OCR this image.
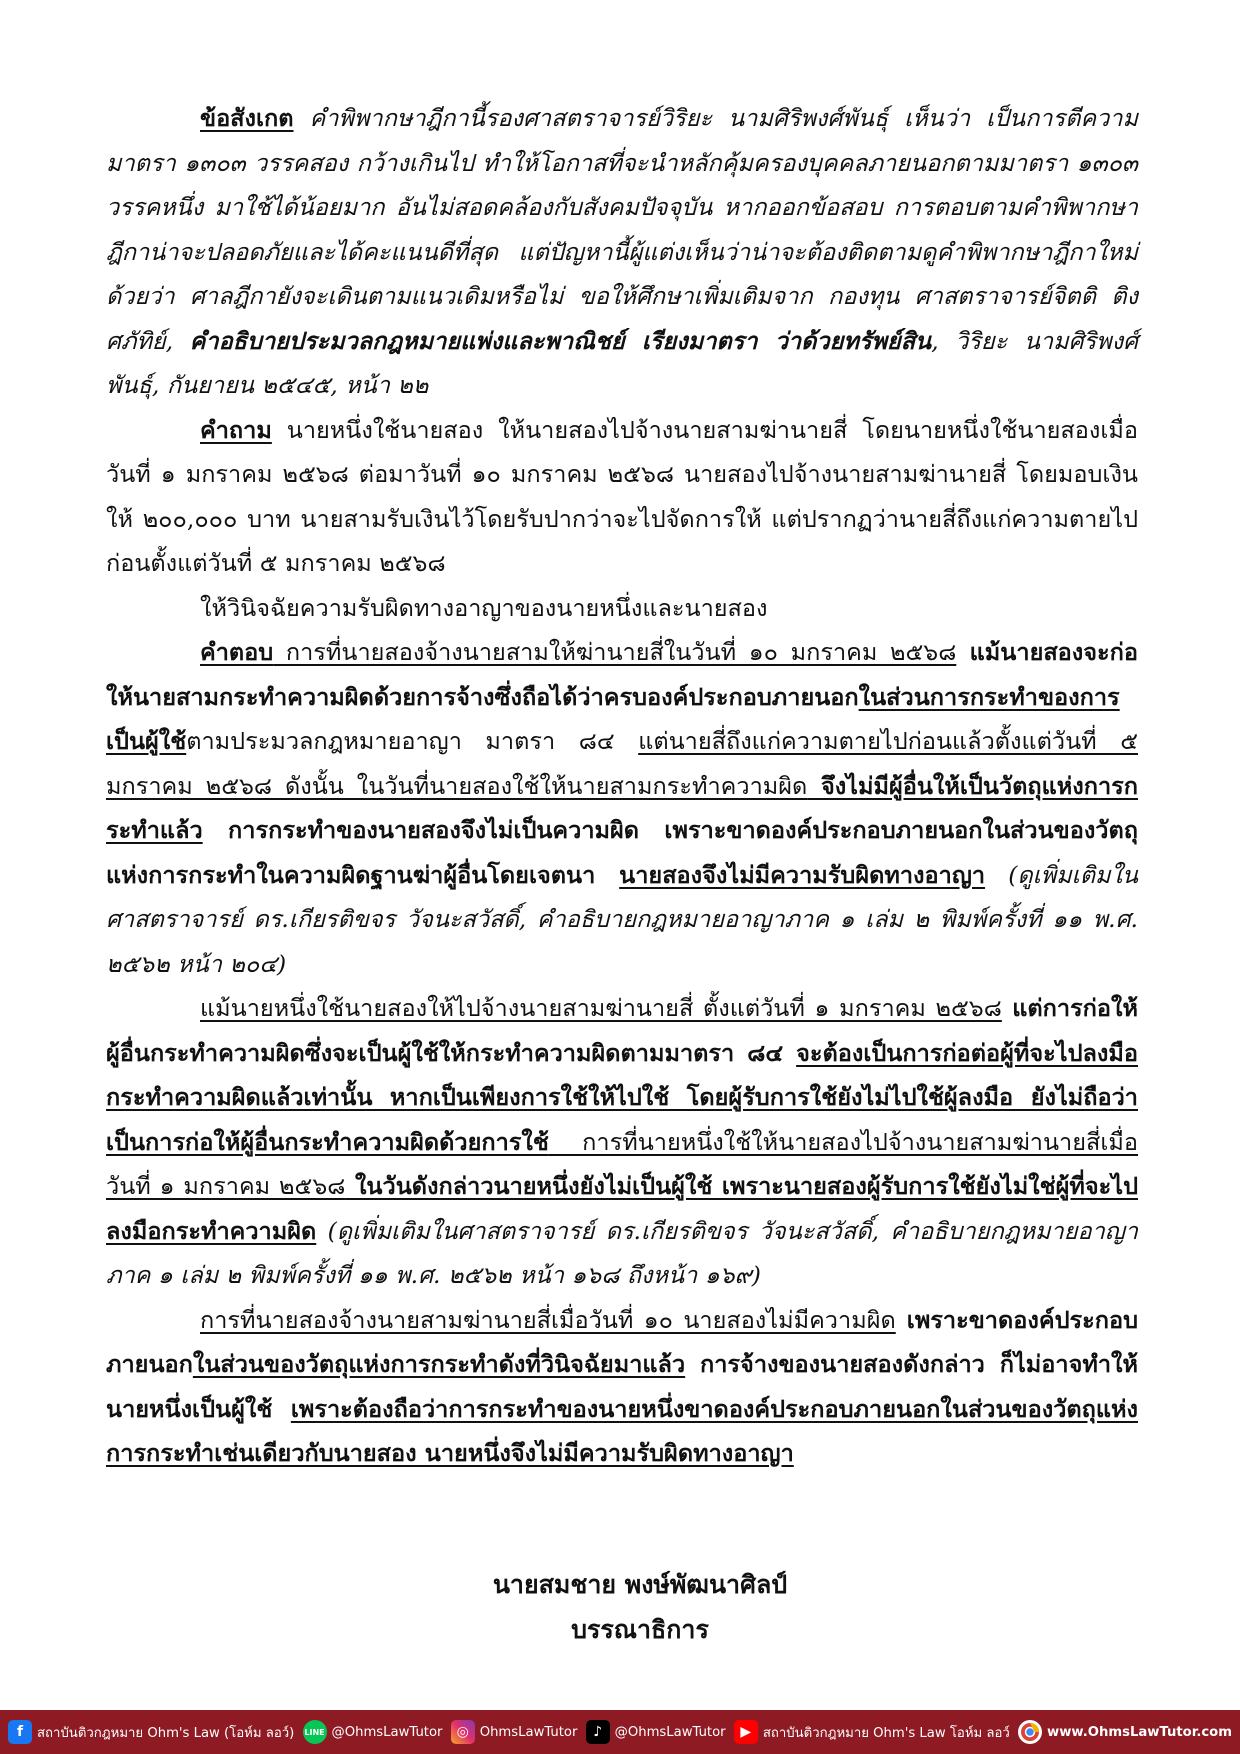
ข้อสังเกต คำพิพากษาฎีกานี้รองศาสตราจารย์วิริยะ นามศิริพงศ์พันธุ์ เห็นว่า เป็นการตีความ มาตรา ๑๓๐๓ วรรคสอง กว้างเกินไป ทำให้โอกาสที่จะนำหลักคุ้มครองบุคคลภายนอกตามมาตรา ๑๓๐๓ วรรคหนึ่ง มาใช้ได้น้อยมาก อันไม่สอดคล้องกับสังคมปัจจุบัน หากออกข้อสอบ การตอบตามคำพิพากษาฎีกาน่าจะปลอดภัยและได้คะแนนดีที่สุด แต่ปัญหานี้ผู้แต่งเห็นว่าน่าจะต้องติดตามดูคำพิพากษาฎีกาใหม่ด้วยว่า ศาลฎีกายังจะเดินตามแนวเดิมหรือไม่ ขอให้ศึกษาเพิ่มเติมจาก กองทุน ศาสตราจารย์จิตติ ติงศภัทิย์, คำอธิบายประมวลกฎหมายแพ่งและพาณิชย์ เรียงมาตรา ว่าด้วยทรัพย์สิน, วิริยะ นามศิริพงศ์พันธุ์, กันยายน ๒๕๔๕, หน้า ๒๒

คำถาม นายหนึ่งใช้นายสอง ให้นายสองไปจ้างนายสามฆ่านายสี่ โดยนายหนึ่งใช้นายสองเมื่อวันที่ ๑ มกราคม ๒๕๖๘ ต่อมาวันที่ ๑๐ มกราคม ๒๕๖๘ นายสองไปจ้างนายสามฆ่านายสี่ โดยมอบเงินให้ ๒๐๐,๐๐๐ บาท นายสามรับเงินไว้โดยรับปากว่าจะไปจัดการให้ แต่ปรากฏว่านายสี่ถึงแก่ความตายไปก่อนตั้งแต่วันที่ ๕ มกราคม ๒๕๖๘

ให้วินิจฉัยความรับผิดทางอาญาของนายหนึ่งและนายสอง

คำตอบ การที่นายสองจ้างนายสามให้ฆ่านายสี่ในวันที่ ๑๐ มกราคม ๒๕๖๘ แม้นายสองจะก่อให้นายสามกระทำความผิดด้วยการจ้างซึ่งถือได้ว่าครบองค์ประกอบภายนอกในส่วนการกระทำของการเป็นผู้ใช้ตามประมวลกฎหมายอาญา มาตรา ๘๔ แต่นายสี่ถึงแก่ความตายไปก่อนแล้วตั้งแต่วันที่ ๕ มกราคม ๒๕๖๘ ดังนั้น ในวันที่นายสองใช้ให้นายสามกระทำความผิด จึงไม่มีผู้อื่นให้เป็นวัตถุแห่งการกระทำแล้ว การกระทำของนายสองจึงไม่เป็นความผิด เพราะขาดองค์ประกอบภายนอกในส่วนของวัตถุแห่งการกระทำในความผิดฐานฆ่าผู้อื่นโดยเจตนา นายสองจึงไม่มีความรับผิดทางอาญา (ดูเพิ่มเติมในศาสตราจารย์ ดร.เกียรติขจร วัจนะสวัสดิ์, คำอธิบายกฎหมายอาญาภาค ๑ เล่ม ๒ พิมพ์ครั้งที่ ๑๑ พ.ศ. ๒๕๖๒ หน้า ๒๐๔)

แม้นายหนึ่งใช้นายสองให้ไปจ้างนายสามฆ่านายสี่ ตั้งแต่วันที่ ๑ มกราคม ๒๕๖๘ แต่การก่อให้ผู้อื่นกระทำความผิดซึ่งจะเป็นผู้ใช้ให้กระทำความผิดตามมาตรา ๘๔ จะต้องเป็นการก่อต่อผู้ที่จะไปลงมือกระทำความผิดแล้วเท่านั้น หากเป็นเพียงการใช้ให้ไปใช้ โดยผู้รับการใช้ยังไม่ไปใช้ผู้ลงมือ ยังไม่ถือว่าเป็นการก่อให้ผู้อื่นกระทำความผิดด้วยการใช้ การที่นายหนึ่งใช้ให้นายสองไปจ้างนายสามฆ่านายสี่เมื่อวันที่ ๑ มกราคม ๒๕๖๘ ในวันดังกล่าวนายหนึ่งยังไม่เป็นผู้ใช้ เพราะนายสองผู้รับการใช้ยังไม่ใช่ผู้ที่จะไปลงมือกระทำความผิด (ดูเพิ่มเติมในศาสตราจารย์ ดร.เกียรติขจร วัจนะสวัสดิ์, คำอธิบายกฎหมายอาญาภาค ๑ เล่ม ๒ พิมพ์ครั้งที่ ๑๑ พ.ศ. ๒๕๖๒ หน้า ๑๖๘ ถึงหน้า ๑๖๙)

การที่นายสองจ้างนายสามฆ่านายสี่เมื่อวันที่ ๑๐ นายสองไม่มีความผิด เพราะขาดองค์ประกอบภายนอกในส่วนของวัตถุแห่งการกระทำดังที่วินิจฉัยมาแล้ว การจ้างของนายสองดังกล่าว ก็ไม่อาจทำให้นายหนึ่งเป็นผู้ใช้ เพราะต้องถือว่าการกระทำของนายหนึ่งขาดองค์ประกอบภายนอกในส่วนของวัตถุแห่งการกระทำเช่นเดียวกับนายสอง นายหนึ่งจึงไม่มีความรับผิดทางอาญา

นายสมชาย พงษ์พัฒนาศิลป์
บรรณาธิการ
f	สถาบันติวกฎหมาย Ohm's Law (โอห์ม ลอว์) LINE @OhmsLawTutor	◎ OhmsLawTutor	♪ @OhmsLawTutor	▶ สถาบันติวกฎหมาย Ohm's Law โอห์ม ลอว์	www.OhmsLawTutor.com
